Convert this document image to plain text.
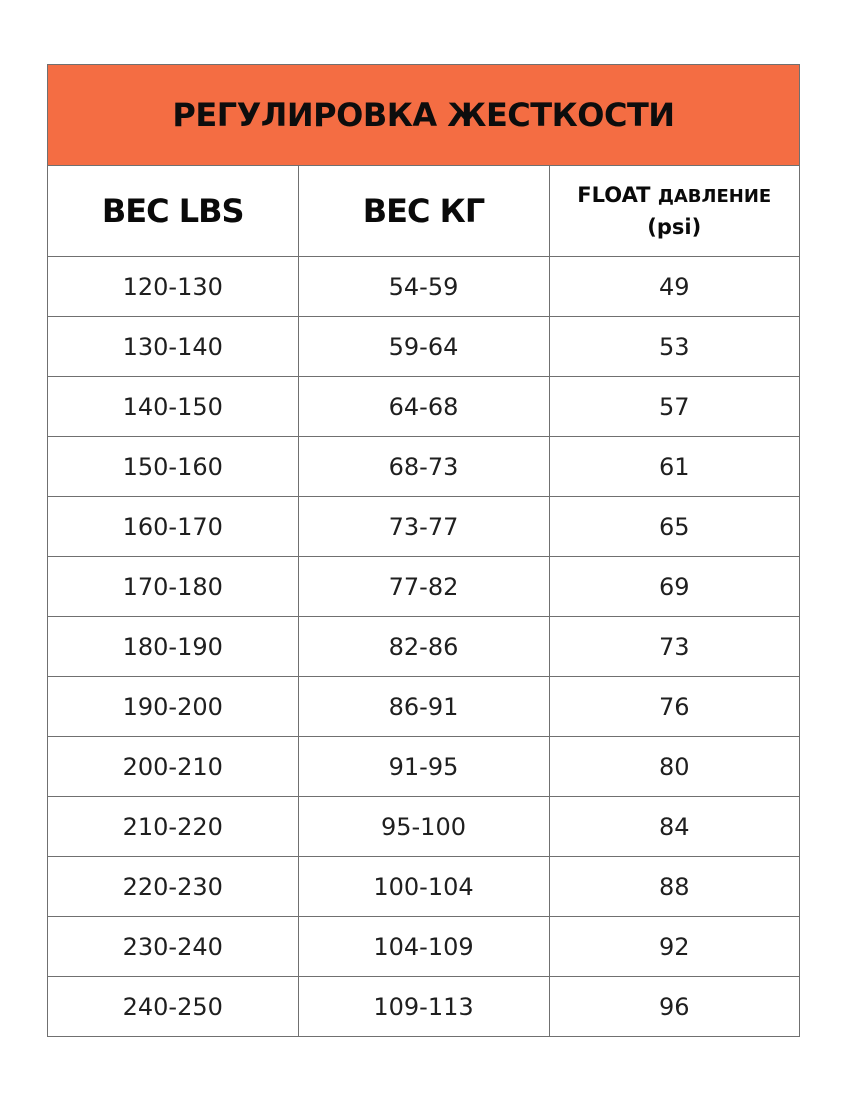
РЕГУЛИРОВКА ЖЕСТКОСТИ
ВЕС LBS	ВЕС КГ	FLOAT ДАВЛЕНИЕ
(psi)
120-130	54-59	49
130-140	59-64	53
140-150	64-68	57
150-160	68-73	61
160-170	73-77	65
170-180	77-82	69
180-190	82-86	73
190-200	86-91	76
200-210	91-95	80
210-220	95-100	84
220-230	100-104	88
230-240	104-109	92
240-250	109-113	96
